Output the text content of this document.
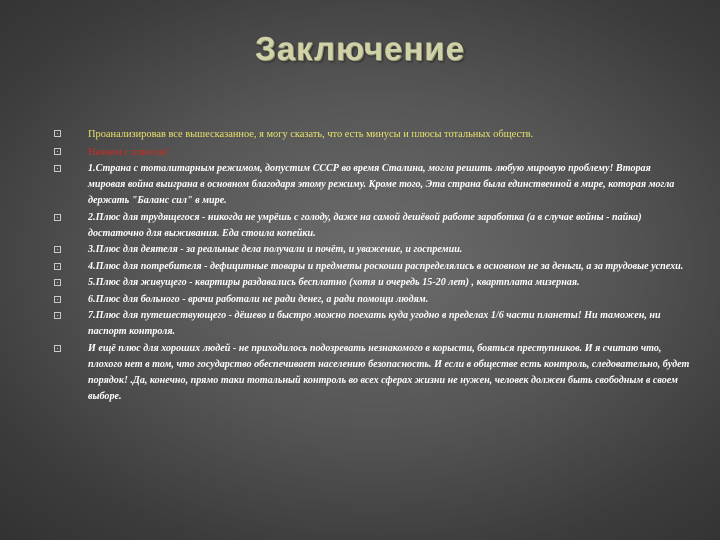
Заключение
Проанализировав все вышесказанное, я могу сказать, что есть минусы и плюсы тотальных обществ.
Начнем с плюсов!
1.Страна с тоталитарным режимом, допустим СССР во время Сталина, могла решить любую мировую проблему! Вторая мировая война выиграна в основном благодаря этому режиму. Кроме того, Эта страна была единственной в мире, которая могла держать "Баланс сил" в мире.
2.Плюс для трудящегося - никогда не умрёшь с голоду, даже на самой дешёвой работе заработка (а в случае войны - пайка) достаточно для выживания. Еда стоила копейки.
3.Плюс для деятеля - за реальные дела получали и почёт, и уважение, и госпремии.
4.Плюс для потребителя - дефицитные товары и предметы роскоши распределялись в основном не за деньги, а за трудовые успехи.
5.Плюс для живущего - квартиры раздавались бесплатно (хотя и очередь 15-20 лет) , квартплата мизерная.
6.Плюс для больного - врачи работали не ради денег, а ради помощи людям.
7.Плюс для путешествующего - дёшево и быстро можно поехать куда угодно в пределах 1/6 части планеты! Ни таможен, ни паспорт контроля.
И ещё плюс для хороших людей - не приходилось подозревать незнакомого в корысти, бояться преступников. И я считаю что, плохого нет в том, что государство обеспечивает населению безопасность. И если в обществе есть контроль, следовательно, будет порядок! .Да, конечно, прямо таки тотальный контроль во всех сферах жизни не нужен, человек должен быть свободным в своем выборе.
